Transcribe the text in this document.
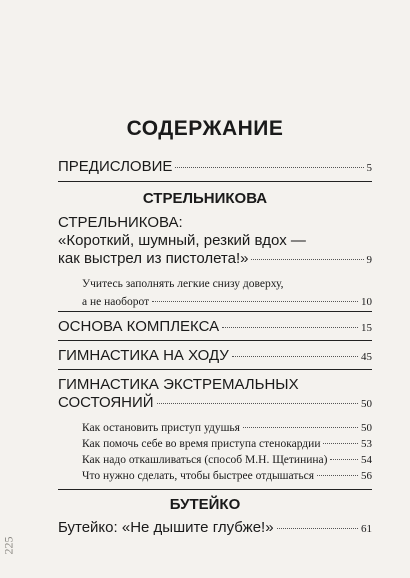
225
СОДЕРЖАНИЕ
ПРЕДИСЛОВИЕ	5
СТРЕЛЬНИКОВА
СТРЕЛЬНИКОВА:
«Короткий, шумный, резкий вдох —
как выстрел из пистолета!»	9
Учитесь заполнять легкие снизу доверху,
а не наоборот	10
ОСНОВА КОМПЛЕКСА	15
ГИМНАСТИКА НА ХОДУ	45
ГИМНАСТИКА ЭКСТРЕМАЛЬНЫХ
СОСТОЯНИЙ	50
Как остановить приступ удушья	50
Как помочь себе во время приступа стенокардии	53
Как надо откашливаться (способ М.Н. Щетинина)	54
Что нужно сделать, чтобы быстрее отдышаться	56
БУТЕЙКО
Бутейко: «Не дышите глубже!»	61
